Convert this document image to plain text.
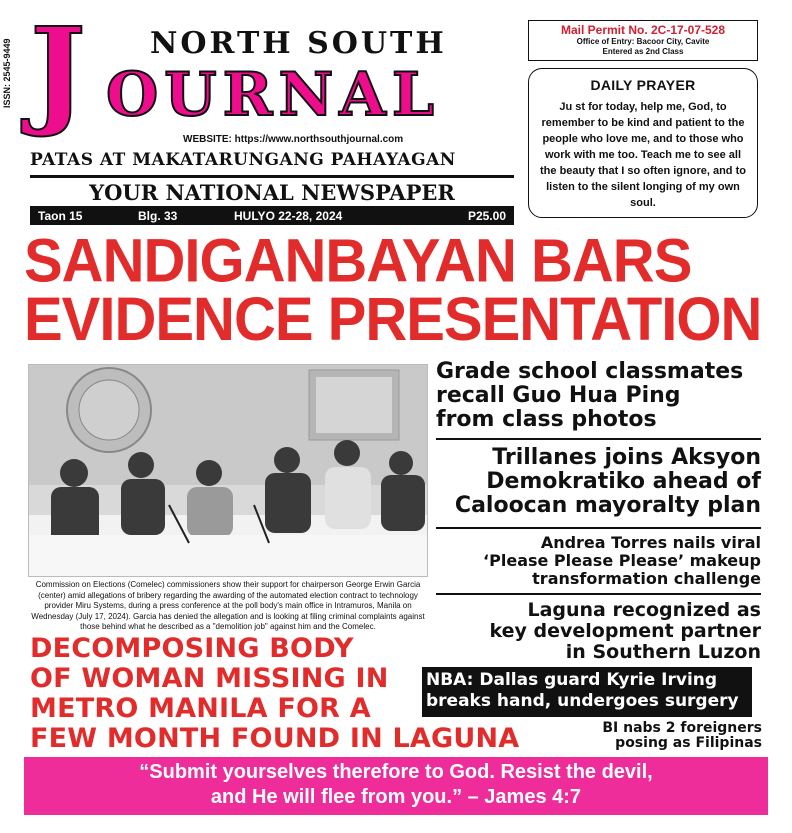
ISSN: 2545-9449 J NORTH SOUTH
OURNAL
WEBSITE: https://www.northsouthjournal.com
PATAS AT MAKATARUNGANG PAHAYAGAN
YOUR NATIONAL NEWSPAPER
Taon 15	Blg. 33	HULYO 22-28, 2024	P25.00
Mail Permit No. 2C-17-07-528
Office of Entry: Bacoor City, Cavite
Entered as 2nd Class
DAILY PRAYER
Ju st for today, help me, God, to remember to be kind and patient to the people who love me, and to those who work with me too. Teach me to see all the beauty that I so often ignore, and to listen to the silent longing of my own soul.
SANDIGANBAYAN BARS
EVIDENCE PRESENTATION
Commission on Elections (Comelec) commissioners show their support for chairperson George Erwin Garcia (center) amid allegations of bribery regarding the awarding of the automated election contract to technology provider Miru Systems, during a press conference at the poll body's main office in Intramuros, Manila on Wednesday (July 17, 2024). Garcia has denied the allegation and is looking at filing criminal complaints against those behind what he described as a "demolition job" against him and the Comelec.
Grade school classmates
recall Guo Hua Ping
from class photos
Trillanes joins Aksyon
Demokratiko ahead of
Caloocan mayoralty plan
Andrea Torres nails viral
‘Please Please Please’ makeup
transformation challenge
Laguna recognized as
key development partner
in Southern Luzon
DECOMPOSING BODY
OF WOMAN MISSING IN
METRO MANILA FOR A
FEW MONTH FOUND IN LAGUNA
NBA: Dallas guard Kyrie Irving
breaks hand, undergoes surgery
BI nabs 2 foreigners
posing as Filipinas
“Submit yourselves therefore to God. Resist the devil,
and He will flee from you.” – James 4:7
